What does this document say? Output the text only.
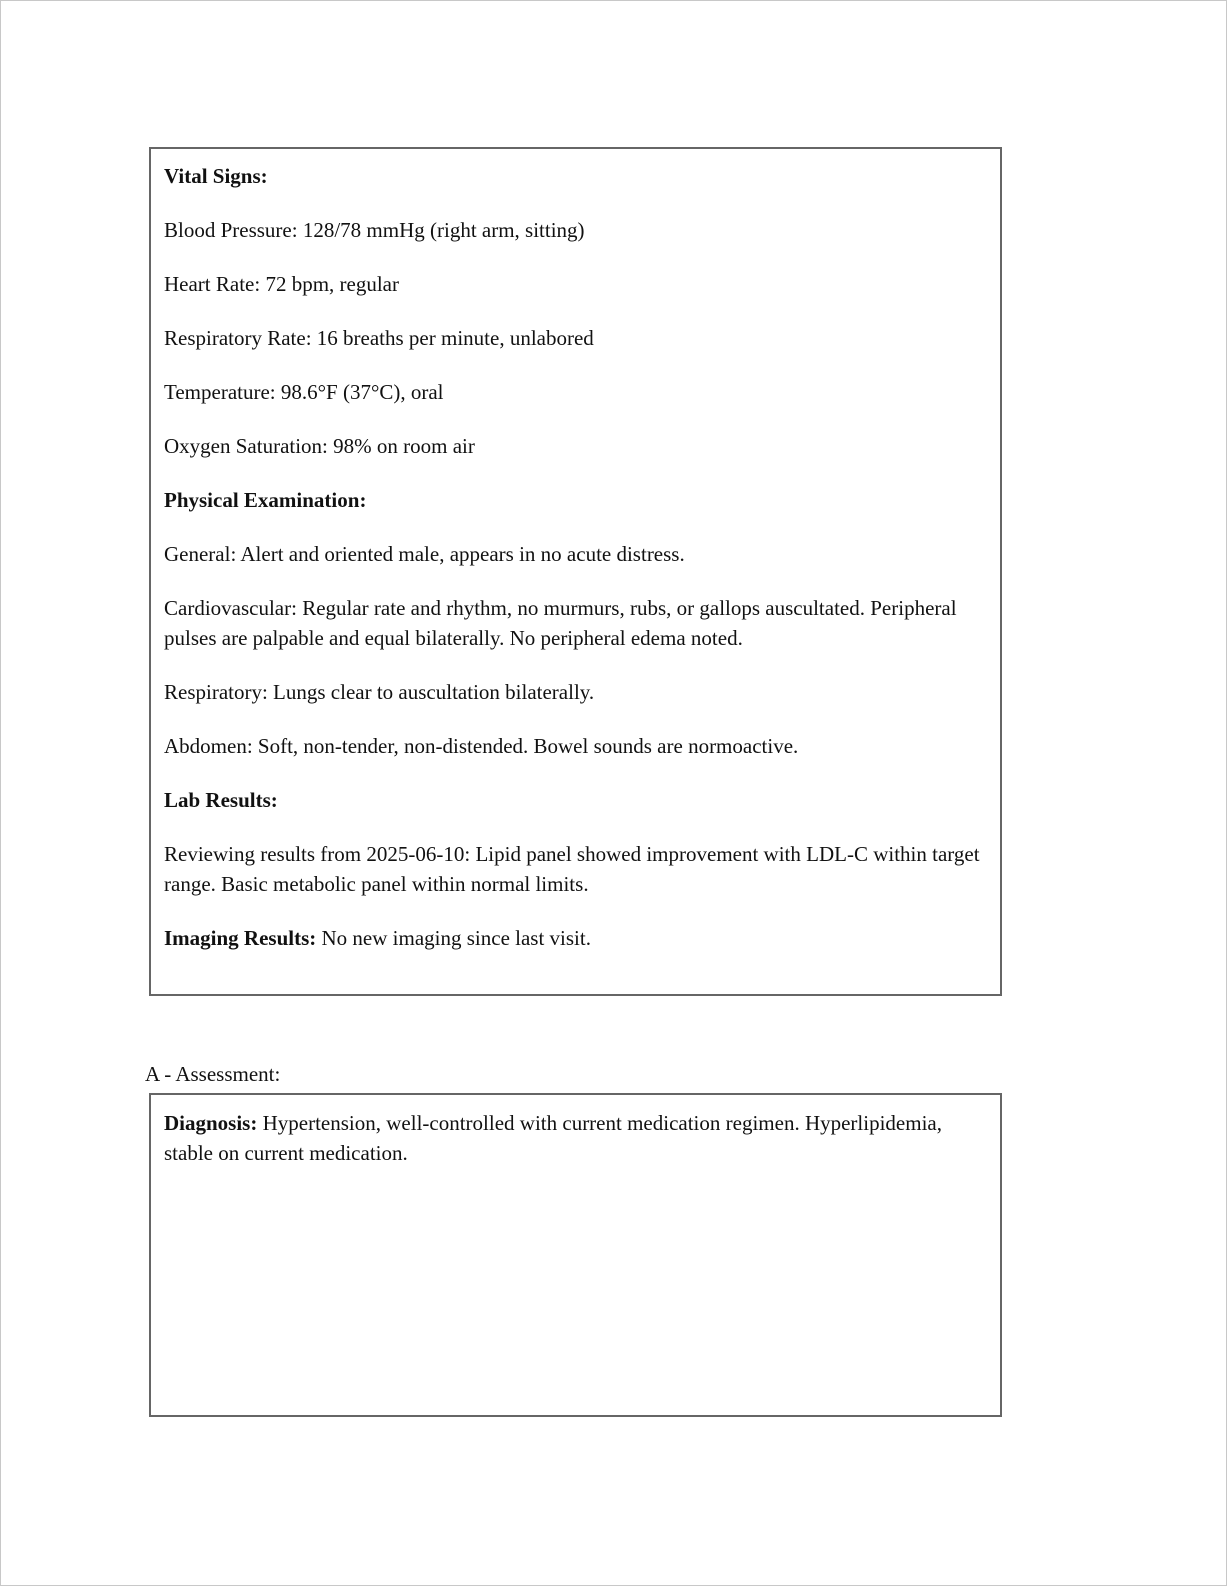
Vital Signs:

Blood Pressure: 128/78 mmHg (right arm, sitting)

Heart Rate: 72 bpm, regular

Respiratory Rate: 16 breaths per minute, unlabored

Temperature: 98.6°F (37°C), oral

Oxygen Saturation: 98% on room air

Physical Examination:

General: Alert and oriented male, appears in no acute distress.

Cardiovascular: Regular rate and rhythm, no murmurs, rubs, or gallops auscultated. Peripheral pulses are palpable and equal bilaterally. No peripheral edema noted.

Respiratory: Lungs clear to auscultation bilaterally.

Abdomen: Soft, non-tender, non-distended. Bowel sounds are normoactive.

Lab Results:

Reviewing results from 2025-06-10: Lipid panel showed improvement with LDL-C within target range. Basic metabolic panel within normal limits.

Imaging Results: No new imaging since last visit.

A - Assessment:

Diagnosis: Hypertension, well-controlled with current medication regimen. Hyperlipidemia, stable on current medication.
